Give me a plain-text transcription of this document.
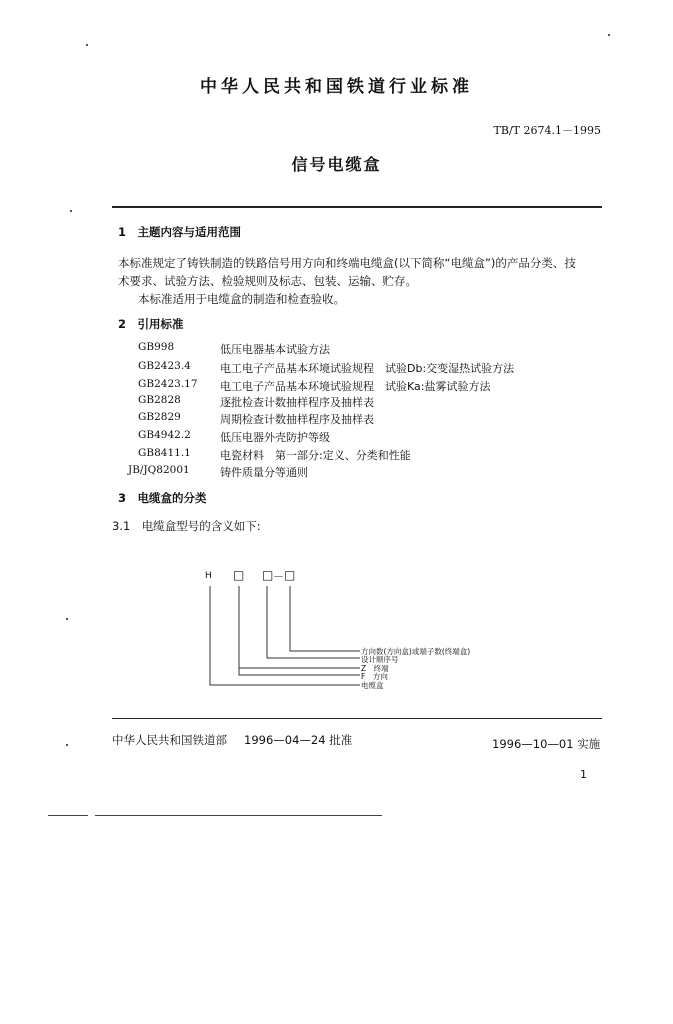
中华人民共和国铁道行业标准
TB/T 2674.1－1995
信号电缆盒
1　主题内容与适用范围
本标准规定了铸铁制造的铁路信号用方向和终端电缆盒(以下简称“电缆盒”)的产品分类、技
术要求、试验方法、检验规则及标志、包装、运输、贮存。
本标准适用于电缆盒的制造和检查验收。
2　引用标准
GB998	低压电器基本试验方法
GB2423.4	电工电子产品基本环境试验规程　试验Db:交变湿热试验方法
GB2423.17 电工电子产品基本环境试验规程　试验Ka:盐雾试验方法
GB2828	逐批检查计数抽样程序及抽样表
GB2829	周期检查计数抽样程序及抽样表
GB4942.2	低压电器外壳防护等级
GB8411.1	电瓷材料　第一部分:定义、分类和性能
JB/JQ82001	铸件质量分等通则
3　电缆盒的分类
3.1　电缆盒型号的含义如下:
H □ □ － □
方向数(方向盒)或端子数(终端盒)
设计顺序号
Z　终端
F　方向
电缆盒
中华人民共和国铁道部 1996—04—24 批准	1996—10—01 实施
1
